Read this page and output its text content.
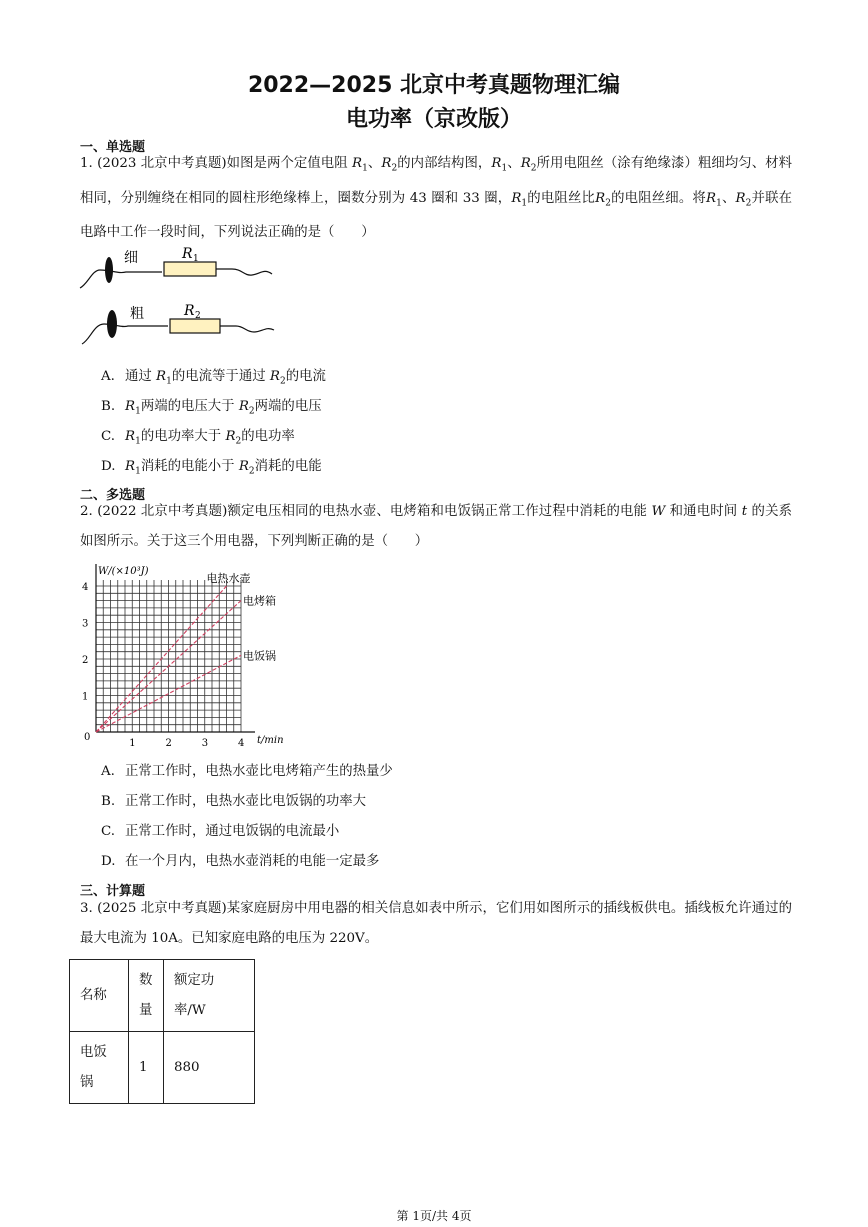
2022—2025 北京中考真题物理汇编
电功率（京改版）
一、单选题
1. (2023 北京中考真题)如图是两个定值电阻 $R_1$、$R_2$的内部结构图，$R_1$、$R_2$所用电阻丝（涂有绝缘漆）粗细均匀、材料相同，分别缠绕在相同的圆柱形绝缘棒上，圈数分别为 43 圈和 33 圈，$R_1$的电阻丝比$R_2$的电阻丝细。将$R_1$、$R_2$并联在电路中工作一段时间，下列说法正确的是（　　）
细	R 1
粗	R 2
A. 通过 $R_1$的电流等于通过 $R_2$的电流
B. $R_1$两端的电压大于 $R_2$两端的电压
C. $R_1$的电功率大于 $R_2$的电功率
D. $R_1$消耗的电能小于 $R_2$消耗的电能
二、多选题
2. (2022 北京中考真题)额定电压相同的电热水壶、电烤箱和电饭锅正常工作过程中消耗的电能 W 和通电时间 t 的关系如图所示。关于这三个用电器，下列判断正确的是（　　）
W/(×10³J)
t/min
0
1	2	3	4
1
2
3
4
电热水壶
电烤箱
电饭锅
A. 正常工作时，电热水壶比电烤箱产生的热量少
B. 正常工作时，电热水壶比电饭锅的功率大
C. 正常工作时，通过电饭锅的电流最小
D. 在一个月内，电热水壶消耗的电能一定最多
三、计算题
3. (2025 北京中考真题)某家庭厨房中用电器的相关信息如表中所示，它们用如图所示的插线板供电。插线板允许通过的最大电流为 10A。已知家庭电路的电压为 220V。
名称	数量	额定功率/W
电饭锅	1	880
第 1页/共 4页
